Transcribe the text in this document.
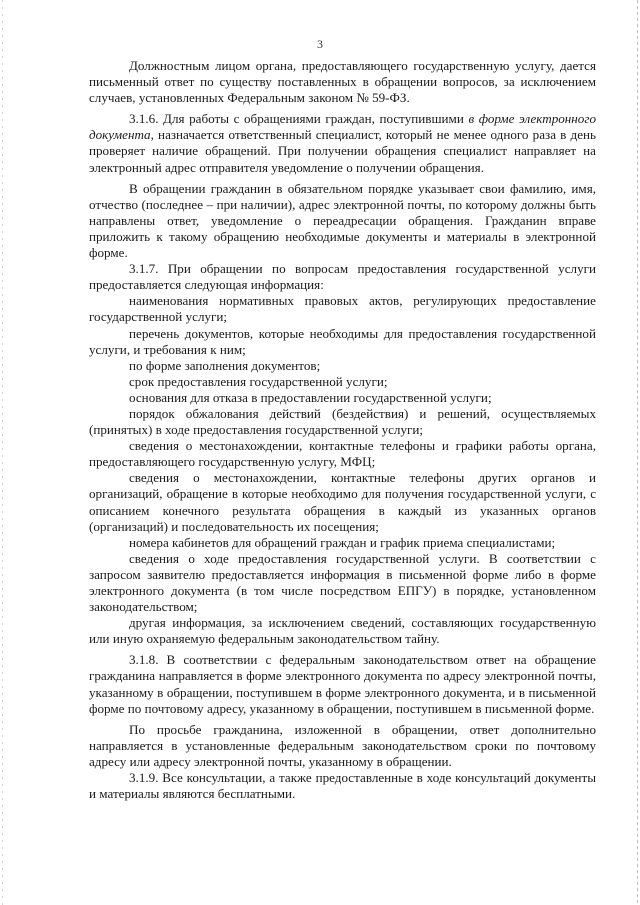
3

Должностным лицом органа, предоставляющего государственную услугу, дается письменный ответ по существу поставленных в обращении вопросов, за исключением случаев, установленных Федеральным законом № 59-ФЗ.

3.1.6. Для работы с обращениями граждан, поступившими в форме электронного документа, назначается ответственный специалист, который не менее одного раза в день проверяет наличие обращений. При получении обращения специалист направляет на электронный адрес отправителя уведомление о получении обращения.

В обращении гражданин в обязательном порядке указывает свои фамилию, имя, отчество (последнее – при наличии), адрес электронной почты, по которому должны быть направлены ответ, уведомление о переадресации обращения. Гражданин вправе приложить к такому обращению необходимые документы и материалы в электронной форме.

3.1.7. При обращении по вопросам предоставления государственной услуги предоставляется следующая информация:

наименования нормативных правовых актов, регулирующих предоставление государственной услуги;

перечень документов, которые необходимы для предоставления государственной услуги, и требования к ним;

по форме заполнения документов;

срок предоставления государственной услуги;

основания для отказа в предоставлении государственной услуги;

порядок обжалования действий (бездействия) и решений, осуществляемых (принятых) в ходе предоставления государственной услуги;

сведения о местонахождении, контактные телефоны и графики работы органа, предоставляющего государственную услугу, МФЦ;

сведения о местонахождении, контактные телефоны других органов и организаций, обращение в которые необходимо для получения государственной услуги, с описанием конечного результата обращения в каждый из указанных органов (организаций) и последовательность их посещения;

номера кабинетов для обращений граждан и график приема специалистами;

сведения о ходе предоставления государственной услуги. В соответствии с запросом заявителю предоставляется информация в письменной форме либо в форме электронного документа (в том числе посредством ЕПГУ) в порядке, установленном законодательством;

другая информация, за исключением сведений, составляющих государственную или иную охраняемую федеральным законодательством тайну.

3.1.8. В соответствии с федеральным законодательством ответ на обращение гражданина направляется в форме электронного документа по адресу электронной почты, указанному в обращении, поступившем в форме электронного документа, и в письменной форме по почтовому адресу, указанному в обращении, поступившем в письменной форме.

По просьбе гражданина, изложенной в обращении, ответ дополнительно направляется в установленные федеральным законодательством сроки по почтовому адресу или адресу электронной почты, указанному в обращении.

3.1.9. Все консультации, а также предоставленные в ходе консультаций документы и материалы являются бесплатными.
